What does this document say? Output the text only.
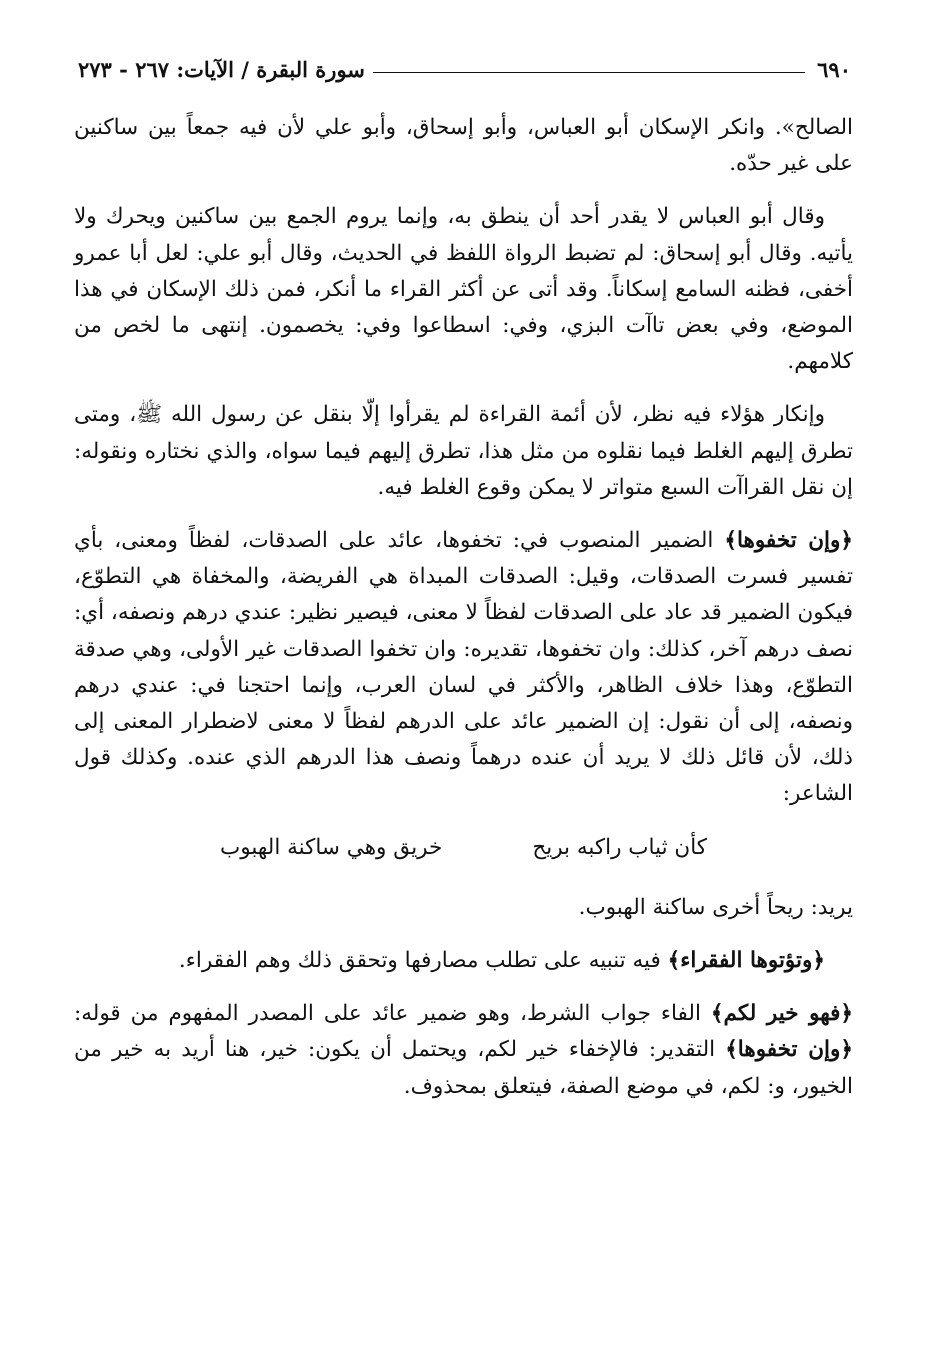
٦٩٠
سورة البقرة / الآيات: ٢٦٧ - ٢٧٣

الصالح». وانكر الإسكان أبو العباس، وأبو إسحاق، وأبو علي لأن فيه جمعاً بين ساكنين على غير حدّه.

وقال أبو العباس لا يقدر أحد أن ينطق به، وإنما يروم الجمع بين ساكنين ويحرك ولا يأتيه. وقال أبو إسحاق: لم تضبط الرواة اللفظ في الحديث، وقال أبو علي: لعل أبا عمرو أخفى، فظنه السامع إسكاناً. وقد أتى عن أكثر القراء ما أنكر، فمن ذلك الإسكان في هذا الموضع، وفي بعض تاآت البزي، وفي: اسطاعوا وفي: يخصمون. إنتهى ما لخص من كلامهم.

وإنكار هؤلاء فيه نظر، لأن أئمة القراءة لم يقرأوا إلّا بنقل عن رسول الله ﷺ، ومتى تطرق إليهم الغلط فيما نقلوه من مثل هذا، تطرق إليهم فيما سواه، والذي نختاره ونقوله: إن نقل القراآت السبع متواتر لا يمكن وقوع الغلط فيه.

﴿وإن تخفوها﴾ الضمير المنصوب في: تخفوها، عائد على الصدقات، لفظاً ومعنى، بأي تفسير فسرت الصدقات، وقيل: الصدقات المبداة هي الفريضة، والمخفاة هي التطوّع، فيكون الضمير قد عاد على الصدقات لفظاً لا معنى، فيصير نظير: عندي درهم ونصفه، أي: نصف درهم آخر، كذلك: وان تخفوها، تقديره: وان تخفوا الصدقات غير الأولى، وهي صدقة التطوّع، وهذا خلاف الظاهر، والأكثر في لسان العرب، وإنما احتجنا في: عندي درهم ونصفه، إلى أن نقول: إن الضمير عائد على الدرهم لفظاً لا معنى لاضطرار المعنى إلى ذلك، لأن قائل ذلك لا يريد أن عنده درهماً ونصف هذا الدرهم الذي عنده. وكذلك قول الشاعر:

كأن ثياب راكبه بريح
خريق وهي ساكنة الهبوب

يريد: ريحاً أخرى ساكنة الهبوب.

﴿وتؤتوها الفقراء﴾ فيه تنبيه على تطلب مصارفها وتحقق ذلك وهم الفقراء.

﴿فهو خير لكم﴾ الفاء جواب الشرط، وهو ضمير عائد على المصدر المفهوم من قوله: ﴿وإن تخفوها﴾ التقدير: فالإخفاء خير لكم، ويحتمل أن يكون: خير، هنا أريد به خير من الخيور، و: لكم، في موضع الصفة، فيتعلق بمحذوف.
